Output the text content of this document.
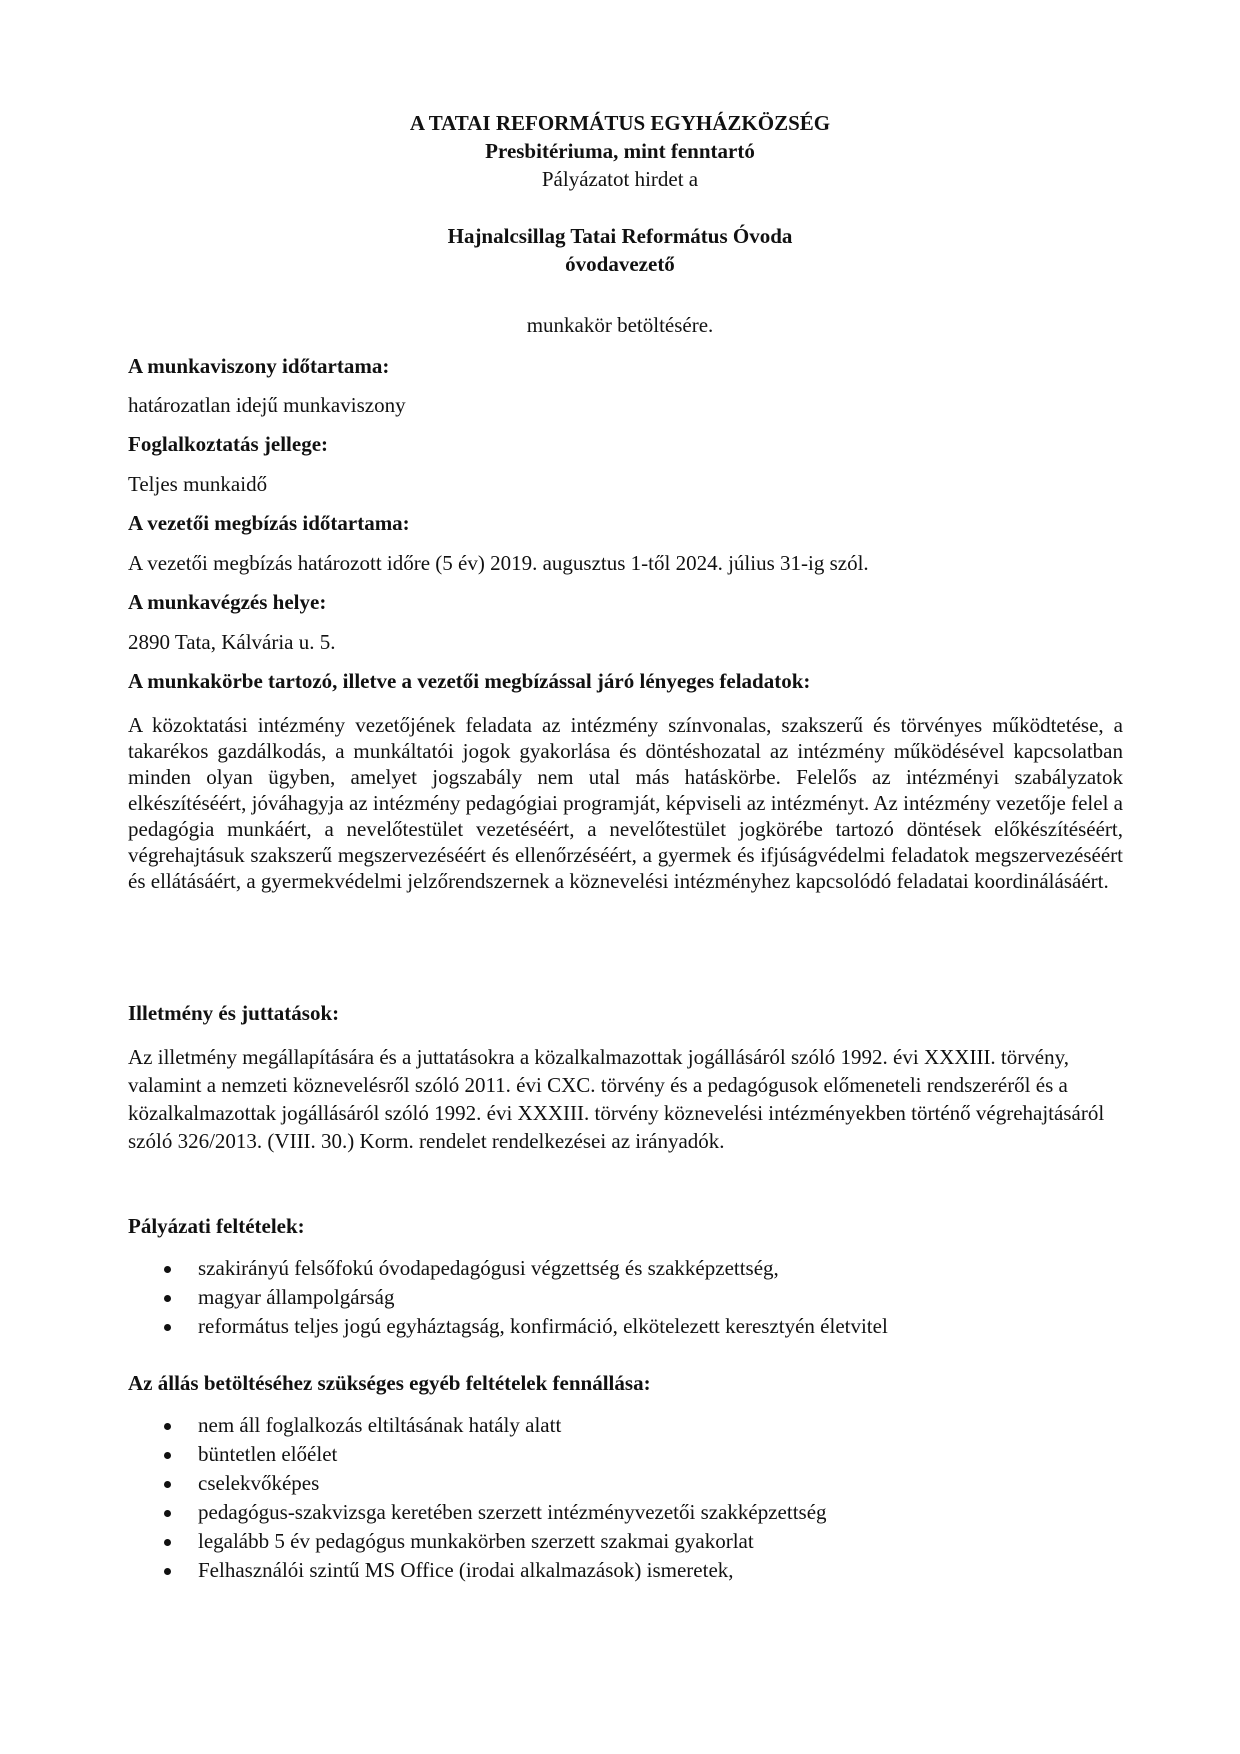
A TATAI REFORMÁTUS EGYHÁZKÖZSÉG
Presbitériuma, mint fenntartó
Pályázatot hirdet a
Hajnalcsillag Tatai Református Óvoda
óvodavezető
munkakör betöltésére.
A munkaviszony időtartama:
határozatlan idejű munkaviszony
Foglalkoztatás jellege:
Teljes munkaidő
A vezetői megbízás időtartama:
A vezetői megbízás határozott időre (5 év) 2019. augusztus 1-től 2024. július 31-ig szól.
A munkavégzés helye:
2890 Tata, Kálvária u. 5.
A munkakörbe tartozó, illetve a vezetői megbízással járó lényeges feladatok:
A közoktatási intézmény vezetőjének feladata az intézmény színvonalas, szakszerű és törvényes működtetése, a takarékos gazdálkodás, a munkáltatói jogok gyakorlása és döntéshozatal az intézmény működésével kapcsolatban minden olyan ügyben, amelyet jogszabály nem utal más hatáskörbe. Felelős az intézményi szabályzatok elkészítéséért, jóváhagyja az intézmény pedagógiai programját, képviseli az intézményt. Az intézmény vezetője felel a pedagógia munkáért, a nevelőtestület vezetéséért, a nevelőtestület jogkörébe tartozó döntések előkészítéséért, végrehajtásuk szakszerű megszervezéséért és ellenőrzéséért, a gyermek és ifjúságvédelmi feladatok megszervezéséért és ellátásáért, a gyermekvédelmi jelzőrendszernek a köznevelési intézményhez kapcsolódó feladatai koordinálásáért.
Illetmény és juttatások:
Az illetmény megállapítására és a juttatásokra a közalkalmazottak jogállásáról szóló 1992. évi XXXIII. törvény, valamint a nemzeti köznevelésről szóló 2011. évi CXC. törvény és a pedagógusok előmeneteli rendszeréről és a közalkalmazottak jogállásáról szóló 1992. évi XXXIII. törvény köznevelési intézményekben történő végrehajtásáról szóló 326/2013. (VIII. 30.) Korm. rendelet rendelkezései az irányadók.
Pályázati feltételek:
szakirányú felsőfokú óvodapedagógusi végzettség és szakképzettség,
magyar állampolgárság
református teljes jogú egyháztagság, konfirmáció, elkötelezett keresztyén életvitel
Az állás betöltéséhez szükséges egyéb feltételek fennállása:
nem áll foglalkozás eltiltásának hatály alatt
büntetlen előélet
cselekvőképes
pedagógus-szakvizsga keretében szerzett intézményvezetői szakképzettség
legalább 5 év pedagógus munkakörben szerzett szakmai gyakorlat
Felhasználói szintű MS Office (irodai alkalmazások) ismeretek,
